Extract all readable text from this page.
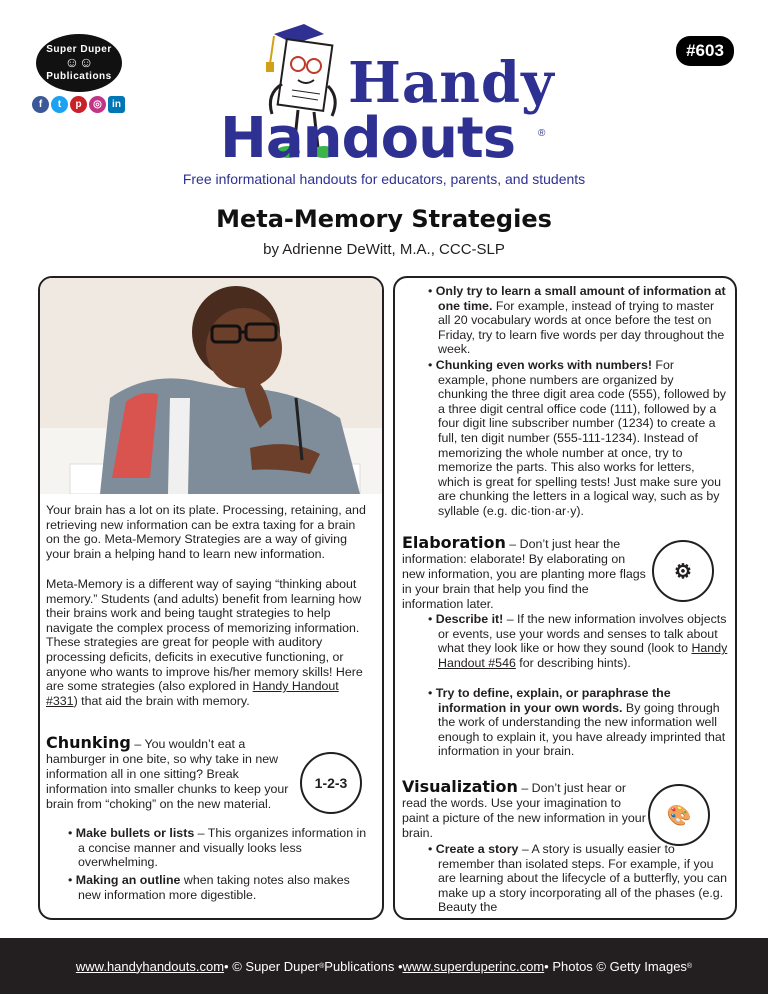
Super Duper
☺☺
Publications
f	t	p	◎	in
#603
Handy
Handouts ®
Free informational handouts for educators, parents, and students
Meta-Memory Strategies
by Adrienne DeWitt, M.A., CCC-SLP

Your brain has a lot on its plate. Processing, retaining, and retrieving new information can be extra taxing for a brain on the go. Meta-Memory Strategies are a way of giving your brain a helping hand to learn new information.

Meta-Memory is a different way of saying “thinking about memory.” Students (and adults) benefit from learning how their brains work and being taught strategies to help navigate the complex process of memorizing information. These strategies are great for people with auditory processing deficits, deficits in executive functioning, or anyone who wants to improve his/her memory skills! Here are some strategies (also explored in Handy Handout #331) that aid the brain with memory.

Chunking – You wouldn’t eat a hamburger in one bite, so why take in new information all in one sitting? Break information into smaller chunks to keep your brain from “choking” on the new material.

1-2-3
• Make bullets or lists – This organizes information in a concise manner and visually looks less overwhelming.
• Making an outline when taking notes also makes new information more digestible.
• Only try to learn a small amount of information at one time. For example, instead of trying to master all 20 vocabulary words at once before the test on Friday, try to learn five words per day throughout the week.
• Chunking even works with numbers! For example, phone numbers are organized by chunking the three digit area code (555), followed by a three digit central office code (111), followed by a four digit line subscriber number (1234) to create a full, ten digit number (555-111-1234). Instead of memorizing the whole number at once, try to memorize the parts. This also works for letters, which is great for spelling tests! Just make sure you are chunking the letters in a logical way, such as by syllable (e.g. dic·tion·ar·y).

Elaboration – Don’t just hear the information: elaborate! By elaborating on new information, you are planting more flags in your brain that help you find the information later.

⚙
• Describe it! – If the new information involves objects or events, use your words and senses to talk about what they look like or how they sound (look to Handy Handout #546 for describing hints).
• Try to define, explain, or paraphrase the information in your own words. By going through the work of understanding the new information well enough to explain it, you have already imprinted that information in your brain.

Visualization – Don’t just hear or read the words. Use your imagination to paint a picture of the new information in your brain.

🎨
• Create a story – A story is usually easier to remember than isolated steps. For example, if you are learning about the lifecycle of a butterfly, you can make up a story incorporating all of the phases (e.g. Beauty the
www.handyhandouts.com • © Super Duper ® Publications • www.superduperinc.com • Photos © Getty Images ®
